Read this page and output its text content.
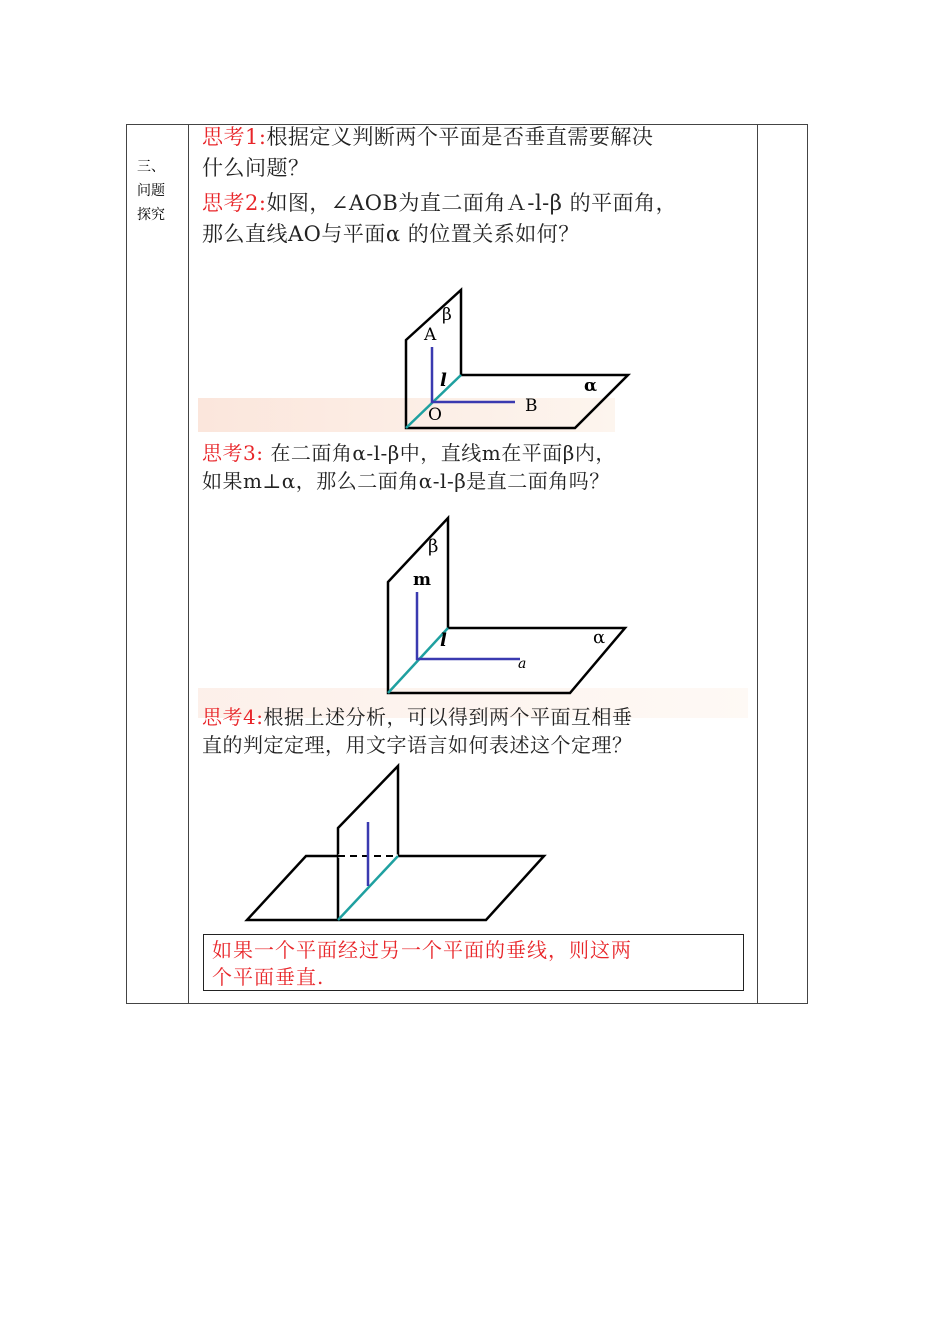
三、
问题
探究
思考1:根据定义判断两个平面是否垂直需要解决
什么问题？
思考2:如图，∠AOB为直二面角Ａ-l-β 的平面角，
那么直线AO与平面α 的位置关系如何？
思考3: 在二面角α-l-β中，直线m在平面β内，
如果m⊥α，那么二面角α-l-β是直二面角吗？
思考4:根据上述分析，可以得到两个平面互相垂
直的判定定理，用文字语言如何表述这个定理？
A
β
l
O	B
α
β
m
l	α
a
如果一个平面经过另一个平面的垂线，则这两
个平面垂直.
